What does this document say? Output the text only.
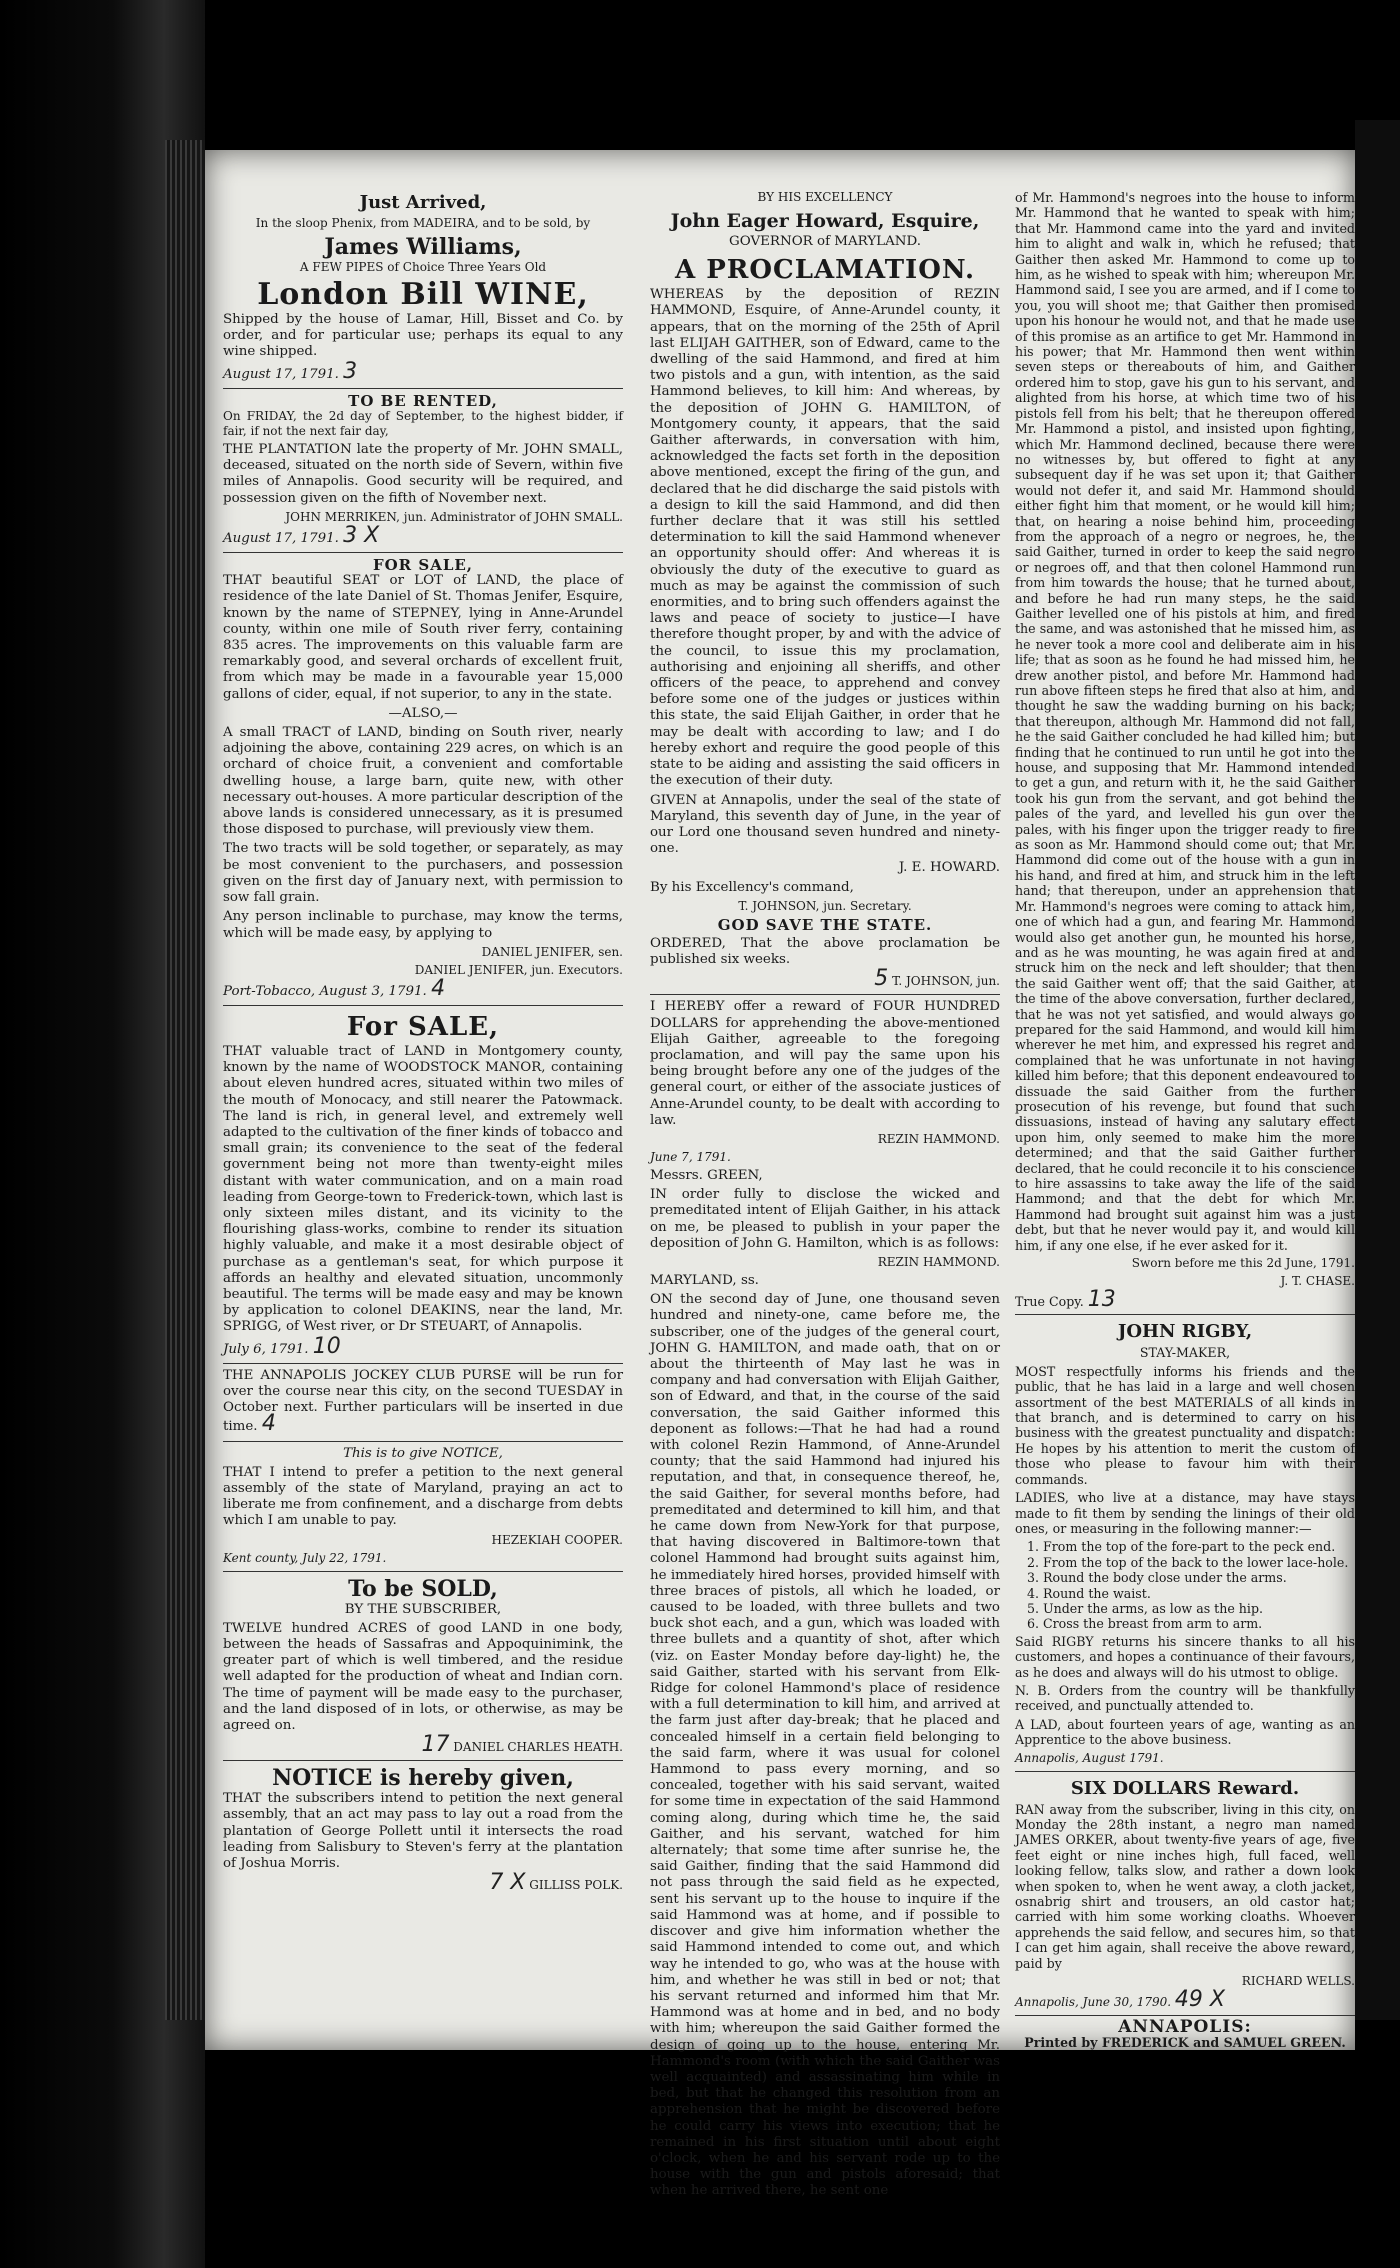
Just Arrived,

In the sloop Phenix, from MADEIRA, and to be sold, by

James Williams,

A FEW PIPES of Choice Three Years Old

London Bill WINE,

Shipped by the house of Lamar, Hill, Bisset and Co. by order, and for particular use; perhaps its equal to any wine shipped.

August 17, 1791. 3

TO BE RENTED,

On FRIDAY, the 2d day of September, to the highest bidder, if fair, if not the next fair day,

THE PLANTATION late the property of Mr. JOHN SMALL, deceased, situated on the north side of Severn, within five miles of Annapolis. Good security will be required, and possession given on the fifth of November next.

JOHN MERRIKEN, jun. Administrator of JOHN SMALL.

August 17, 1791. 3 X

FOR SALE,

THAT beautiful SEAT or LOT of LAND, the place of residence of the late Daniel of St. Thomas Jenifer, Esquire, known by the name of STEPNEY, lying in Anne-Arundel county, within one mile of South river ferry, containing 835 acres. The improvements on this valuable farm are remarkably good, and several orchards of excellent fruit, from which may be made in a favourable year 15,000 gallons of cider, equal, if not superior, to any in the state.

—ALSO,—

A small TRACT of LAND, binding on South river, nearly adjoining the above, containing 229 acres, on which is an orchard of choice fruit, a convenient and comfortable dwelling house, a large barn, quite new, with other necessary out-houses. A more particular description of the above lands is considered unnecessary, as it is presumed those disposed to purchase, will previously view them.

The two tracts will be sold together, or separately, as may be most convenient to the purchasers, and possession given on the first day of January next, with permission to sow fall grain.

Any person inclinable to purchase, may know the terms, which will be made easy, by applying to

DANIEL JENIFER, sen.

DANIEL JENIFER, jun. Executors.

Port-Tobacco, August 3, 1791. 4

For SALE,

THAT valuable tract of LAND in Montgomery county, known by the name of WOODSTOCK MANOR, containing about eleven hundred acres, situated within two miles of the mouth of Monocacy, and still nearer the Patowmack. The land is rich, in general level, and extremely well adapted to the cultivation of the finer kinds of tobacco and small grain; its convenience to the seat of the federal government being not more than twenty-eight miles distant with water communication, and on a main road leading from George-town to Frederick-town, which last is only sixteen miles distant, and its vicinity to the flourishing glass-works, combine to render its situation highly valuable, and make it a most desirable object of purchase as a gentleman's seat, for which purpose it affords an healthy and elevated situation, uncommonly beautiful. The terms will be made easy and may be known by application to colonel DEAKINS, near the land, Mr. SPRIGG, of West river, or Dr STEUART, of Annapolis.

July 6, 1791. 10

THE ANNAPOLIS JOCKEY CLUB PURSE will be run for over the course near this city, on the second TUESDAY in October next. Further particulars will be inserted in due time. 4

This is to give NOTICE,

THAT I intend to prefer a petition to the next general assembly of the state of Maryland, praying an act to liberate me from confinement, and a discharge from debts which I am unable to pay.

HEZEKIAH COOPER.

Kent county, July 22, 1791.

To be SOLD,

BY THE SUBSCRIBER,

TWELVE hundred ACRES of good LAND in one body, between the heads of Sassafras and Appoquinimink, the greater part of which is well timbered, and the residue well adapted for the production of wheat and Indian corn. The time of payment will be made easy to the purchaser, and the land disposed of in lots, or otherwise, as may be agreed on.

17 DANIEL CHARLES HEATH.

NOTICE is hereby given,

THAT the subscribers intend to petition the next general assembly, that an act may pass to lay out a road from the plantation of George Pollett until it intersects the road leading from Salisbury to Steven's ferry at the plantation of Joshua Morris.

7 X GILLISS POLK.

BY HIS EXCELLENCY

John Eager Howard, Esquire,

GOVERNOR of MARYLAND.

A PROCLAMATION.

WHEREAS by the deposition of REZIN HAMMOND, Esquire, of Anne-Arundel county, it appears, that on the morning of the 25th of April last ELIJAH GAITHER, son of Edward, came to the dwelling of the said Hammond, and fired at him two pistols and a gun, with intention, as the said Hammond believes, to kill him: And whereas, by the deposition of JOHN G. HAMILTON, of Montgomery county, it appears, that the said Gaither afterwards, in conversation with him, acknowledged the facts set forth in the deposition above mentioned, except the firing of the gun, and declared that he did discharge the said pistols with a design to kill the said Hammond, and did then further declare that it was still his settled determination to kill the said Hammond whenever an opportunity should offer: And whereas it is obviously the duty of the executive to guard as much as may be against the commission of such enormities, and to bring such offenders against the laws and peace of society to justice—I have therefore thought proper, by and with the advice of the council, to issue this my proclamation, authorising and enjoining all sheriffs, and other officers of the peace, to apprehend and convey before some one of the judges or justices within this state, the said Elijah Gaither, in order that he may be dealt with according to law; and I do hereby exhort and require the good people of this state to be aiding and assisting the said officers in the execution of their duty.

GIVEN at Annapolis, under the seal of the state of Maryland, this seventh day of June, in the year of our Lord one thousand seven hundred and ninety-one.

J. E. HOWARD.

By his Excellency's command,

T. JOHNSON, jun. Secretary.

GOD SAVE THE STATE.

ORDERED, That the above proclamation be published six weeks.

5 T. JOHNSON, jun.

I HEREBY offer a reward of FOUR HUNDRED DOLLARS for apprehending the above-mentioned Elijah Gaither, agreeable to the foregoing proclamation, and will pay the same upon his being brought before any one of the judges of the general court, or either of the associate justices of Anne-Arundel county, to be dealt with according to law.

REZIN HAMMOND.

June 7, 1791.

Messrs. GREEN,

IN order fully to disclose the wicked and premeditated intent of Elijah Gaither, in his attack on me, be pleased to publish in your paper the deposition of John G. Hamilton, which is as follows:

REZIN HAMMOND.

MARYLAND, ss.

ON the second day of June, one thousand seven hundred and ninety-one, came before me, the subscriber, one of the judges of the general court, JOHN G. HAMILTON, and made oath, that on or about the thirteenth of May last he was in company and had conversation with Elijah Gaither, son of Edward, and that, in the course of the said conversation, the said Gaither informed this deponent as follows:—That he had had a round with colonel Rezin Hammond, of Anne-Arundel county; that the said Hammond had injured his reputation, and that, in consequence thereof, he, the said Gaither, for several months before, had premeditated and determined to kill him, and that he came down from New-York for that purpose, that having discovered in Baltimore-town that colonel Hammond had brought suits against him, he immediately hired horses, provided himself with three braces of pistols, all which he loaded, or caused to be loaded, with three bullets and two buck shot each, and a gun, which was loaded with three bullets and a quantity of shot, after which (viz. on Easter Monday before day-light) he, the said Gaither, started with his servant from Elk-Ridge for colonel Hammond's place of residence with a full determination to kill him, and arrived at the farm just after day-break; that he placed and concealed himself in a certain field belonging to the said farm, where it was usual for colonel Hammond to pass every morning, and so concealed, together with his said servant, waited for some time in expectation of the said Hammond coming along, during which time he, the said Gaither, and his servant, watched for him alternately; that some time after sunrise he, the said Gaither, finding that the said Hammond did not pass through the said field as he expected, sent his servant up to the house to inquire if the said Hammond was at home, and if possible to discover and give him information whether the said Hammond intended to come out, and which way he intended to go, who was at the house with him, and whether he was still in bed or not; that his servant returned and informed him that Mr. Hammond was at home and in bed, and no body with him; whereupon the said Gaither formed the design of going up to the house, entering Mr. Hammond's room (with which the said Gaither was well acquainted) and assassinating him while in bed, but that he changed this resolution from an apprehension that he might be discovered before he could carry his views into execution; that he remained in his first situation until about eight o'clock, when he and his servant rode up to the house with the gun and pistols aforesaid; that when he arrived there, he sent one

of Mr. Hammond's negroes into the house to inform Mr. Hammond that he wanted to speak with him; that Mr. Hammond came into the yard and invited him to alight and walk in, which he refused; that Gaither then asked Mr. Hammond to come up to him, as he wished to speak with him; whereupon Mr. Hammond said, I see you are armed, and if I come to you, you will shoot me; that Gaither then promised upon his honour he would not, and that he made use of this promise as an artifice to get Mr. Hammond in his power; that Mr. Hammond then went within seven steps or thereabouts of him, and Gaither ordered him to stop, gave his gun to his servant, and alighted from his horse, at which time two of his pistols fell from his belt; that he thereupon offered Mr. Hammond a pistol, and insisted upon fighting, which Mr. Hammond declined, because there were no witnesses by, but offered to fight at any subsequent day if he was set upon it; that Gaither would not defer it, and said Mr. Hammond should either fight him that moment, or he would kill him; that, on hearing a noise behind him, proceeding from the approach of a negro or negroes, he, the said Gaither, turned in order to keep the said negro or negroes off, and that then colonel Hammond run from him towards the house; that he turned about, and before he had run many steps, he the said Gaither levelled one of his pistols at him, and fired the same, and was astonished that he missed him, as he never took a more cool and deliberate aim in his life; that as soon as he found he had missed him, he drew another pistol, and before Mr. Hammond had run above fifteen steps he fired that also at him, and thought he saw the wadding burning on his back; that thereupon, although Mr. Hammond did not fall, he the said Gaither concluded he had killed him; but finding that he continued to run until he got into the house, and supposing that Mr. Hammond intended to get a gun, and return with it, he the said Gaither took his gun from the servant, and got behind the pales of the yard, and levelled his gun over the pales, with his finger upon the trigger ready to fire as soon as Mr. Hammond should come out; that Mr. Hammond did come out of the house with a gun in his hand, and fired at him, and struck him in the left hand; that thereupon, under an apprehension that Mr. Hammond's negroes were coming to attack him, one of which had a gun, and fearing Mr. Hammond would also get another gun, he mounted his horse, and as he was mounting, he was again fired at and struck him on the neck and left shoulder; that then the said Gaither went off; that the said Gaither, at the time of the above conversation, further declared, that he was not yet satisfied, and would always go prepared for the said Hammond, and would kill him wherever he met him, and expressed his regret and complained that he was unfortunate in not having killed him before; that this deponent endeavoured to dissuade the said Gaither from the further prosecution of his revenge, but found that such dissuasions, instead of having any salutary effect upon him, only seemed to make him the more determined; and that the said Gaither further declared, that he could reconcile it to his conscience to hire assassins to take away the life of the said Hammond; and that the debt for which Mr. Hammond had brought suit against him was a just debt, but that he never would pay it, and would kill him, if any one else, if he ever asked for it.

Sworn before me this 2d June, 1791.

J. T. CHASE.

True Copy. 13

JOHN RIGBY,

STAY-MAKER,

MOST respectfully informs his friends and the public, that he has laid in a large and well chosen assortment of the best MATERIALS of all kinds in that branch, and is determined to carry on his business with the greatest punctuality and dispatch: He hopes by his attention to merit the custom of those who please to favour him with their commands.

LADIES, who live at a distance, may have stays made to fit them by sending the linings of their old ones, or measuring in the following manner:—

1. From the top of the fore-part to the peck end.
2. From the top of the back to the lower lace-hole.
3. Round the body close under the arms.
4. Round the waist.
5. Under the arms, as low as the hip.
6. Cross the breast from arm to arm.

Said RIGBY returns his sincere thanks to all his customers, and hopes a continuance of their favours, as he does and always will do his utmost to oblige.

N. B. Orders from the country will be thankfully received, and punctually attended to.

A LAD, about fourteen years of age, wanting as an Apprentice to the above business.

Annapolis, August 1791.

SIX DOLLARS Reward.

RAN away from the subscriber, living in this city, on Monday the 28th instant, a negro man named JAMES ORKER, about twenty-five years of age, five feet eight or nine inches high, full faced, well looking fellow, talks slow, and rather a down look when spoken to, when he went away, a cloth jacket, osnabrig shirt and trousers, an old castor hat; carried with him some working cloaths. Whoever apprehends the said fellow, and secures him, so that I can get him again, shall receive the above reward, paid by

RICHARD WELLS.

Annapolis, June 30, 1790. 49 X

ANNAPOLIS:

Printed by FREDERICK and SAMUEL GREEN.
